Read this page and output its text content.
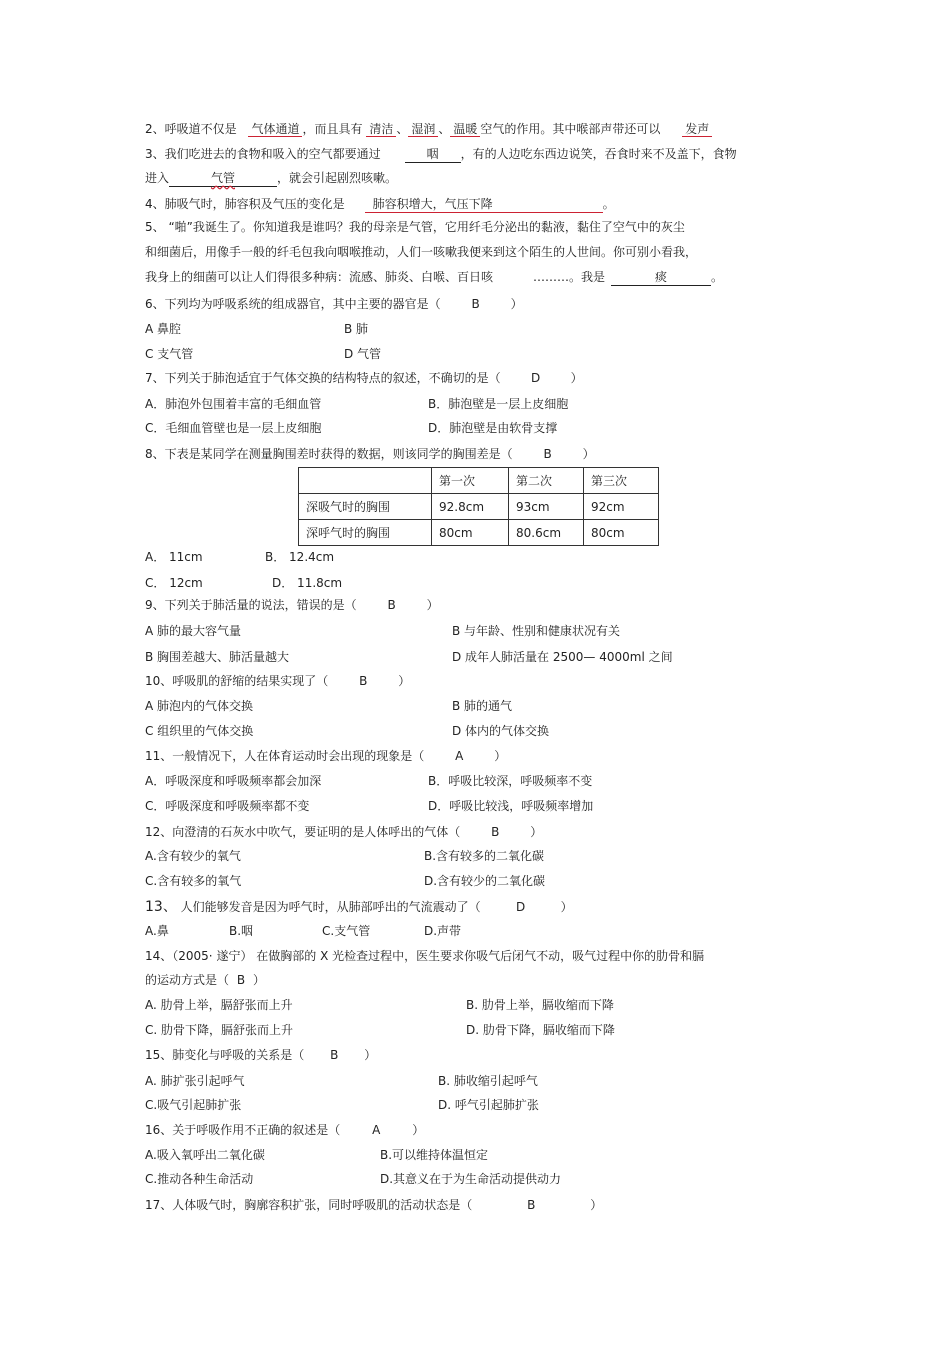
2、呼吸道不仅是 气体通道 ，而且具有 清洁 、 湿润 、 温暖 空气的作用。其中喉部声带还可以 发声
3、我们吃进去的食物和吸入的空气都要通过	咽 ，有的人边吃东西边说笑，吞食时来不及盖下，食物
进入	气管	，就会引起剧烈咳嗽。
4、肺吸气时，肺容积及气压的变化是 肺容积增大，气压下降	。
5、 “啪”我诞生了。你知道我是谁吗？我的母亲是气管，它用纤毛分泌出的黏液，黏住了空气中的灰尘
和细菌后，用像手一般的纤毛包我向咽喉推动，人们一咳嗽我便来到这个陌生的人世间。你可别小看我，
我身上的细菌可以让人们得很多种病：流感、肺炎、白喉、百日咳	………。我是	痰	。
6、下列均为呼吸系统的组成器官，其中主要的器官是（	B	）
A 鼻腔	B 肺
C 支气管	D 气管
7、下列关于肺泡适宜于气体交换的结构特点的叙述，不确切的是（	D	）
A．肺泡外包围着丰富的毛细血管	B．肺泡壁是一层上皮细胞
C．毛细血管壁也是一层上皮细胞	D．肺泡壁是由软骨支撑
8、下表是某同学在测量胸围差时获得的数据，则该同学的胸围差是（	B	）
	第一次	第二次	第三次
深吸气时的胸围	92.8cm	93cm	92cm
深呼气时的胸围	80cm	80.6cm	80cm
A． 11cm	B． 12.4cm
C． 12cm	D． 11.8cm
9、下列关于肺活量的说法，错误的是（	B	）
A 肺的最大容气量	B 与年龄、性别和健康状况有关
B 胸围差越大、肺活量越大	D 成年人肺活量在 2500— 4000ml 之间
10、呼吸肌的舒缩的结果实现了（	B	）
A 肺泡内的气体交换	B 肺的通气
C 组织里的气体交换	D 体内的气体交换
11、一般情况下，人在体育运动时会出现的现象是（	A	）
A．呼吸深度和呼吸频率都会加深	B．呼吸比较深，呼吸频率不变
C．呼吸深度和呼吸频率都不变	D．呼吸比较浅，呼吸频率增加
12、向澄清的石灰水中吹气，要证明的是人体呼出的气体（	B	）
A.含有较少的氧气	B.含有较多的二氧化碳
C.含有较多的氧气	D.含有较少的二氧化碳
13、 人们能够发音是因为呼气时，从肺部呼出的气流震动了（	D	）
A.鼻	B.咽	C.支气管	D.声带
14、（2005· 遂宁） 在做胸部的 X 光检查过程中，医生要求你吸气后闭气不动，吸气过程中你的肋骨和膈
的运动方式是（ B ）
A. 肋骨上举，膈舒张而上升	B. 肋骨上举，膈收缩而下降
C. 肋骨下降，膈舒张而上升	D. 肋骨下降，膈收缩而下降
15、肺变化与呼吸的关系是（ B ）
A. 肺扩张引起呼气	B. 肺收缩引起呼气
C.吸气引起肺扩张	D. 呼气引起肺扩张
16、关于呼吸作用不正确的叙述是（	A	）
A.吸入氧呼出二氧化碳	B.可以维持体温恒定
C.推动各种生命活动	D.其意义在于为生命活动提供动力
17、人体吸气时，胸廓容积扩张，同时呼吸肌的活动状态是（	B	）
